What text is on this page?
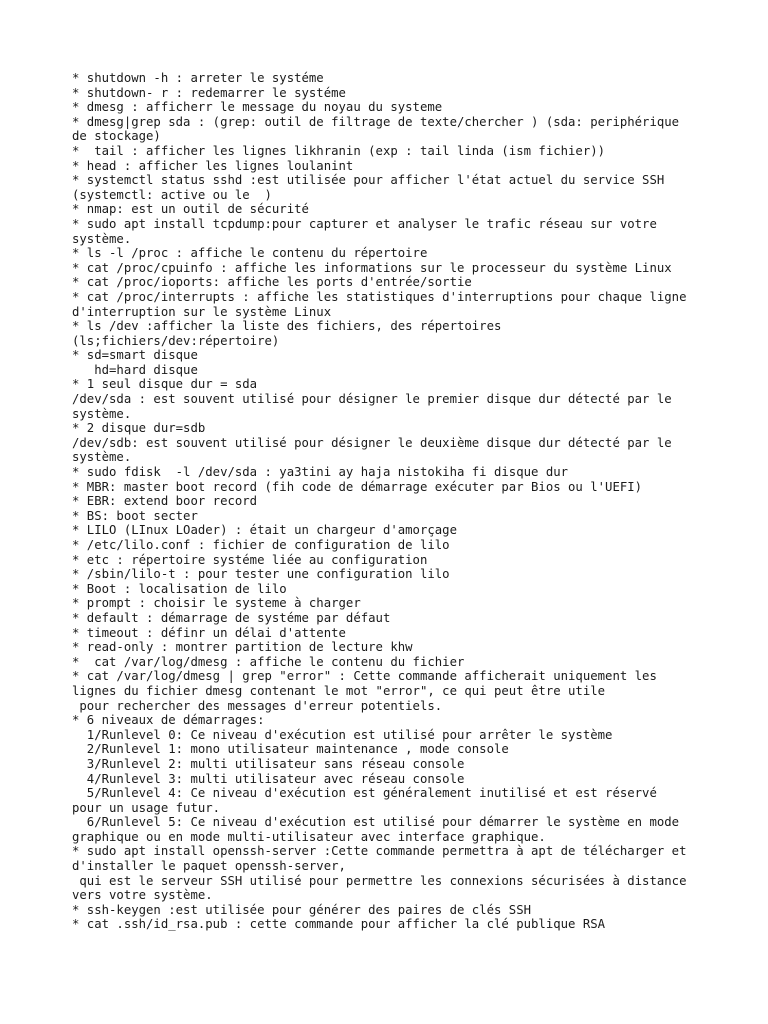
* shutdown -h : arreter le systéme
* shutdown- r : redemarrer le systéme
* dmesg : afficherr le message du noyau du systeme
* dmesg|grep sda : (grep: outil de filtrage de texte/chercher ) (sda: periphérique
de stockage)
*  tail : afficher les lignes likhranin (exp : tail linda (ism fichier))
* head : afficher les lignes loulanint
* systemctl status sshd :est utilisée pour afficher l'état actuel du service SSH
(systemctl: active ou le  )
* nmap: est un outil de sécurité
* sudo apt install tcpdump:pour capturer et analyser le trafic réseau sur votre
système.
* ls -l /proc : affiche le contenu du répertoire
* cat /proc/cpuinfo : affiche les informations sur le processeur du système Linux
* cat /proc/ioports: affiche les ports d'entrée/sortie
* cat /proc/interrupts : affiche les statistiques d'interruptions pour chaque ligne
d'interruption sur le système Linux
* ls /dev :afficher la liste des fichiers, des répertoires
(ls;fichiers/dev:répertoire)
* sd=smart disque
hd=hard disque
* 1 seul disque dur = sda
/dev/sda : est souvent utilisé pour désigner le premier disque dur détecté par le
système.
* 2 disque dur=sdb
/dev/sdb: est souvent utilisé pour désigner le deuxième disque dur détecté par le
système.
* sudo fdisk  -l /dev/sda : ya3tini ay haja nistokiha fi disque dur
* MBR: master boot record (fih code de démarrage exécuter par Bios ou l'UEFI)
* EBR: extend boor record
* BS: boot secter
* LILO (LInux LOader) : était un chargeur d'amorçage
* /etc/lilo.conf : fichier de configuration de lilo
* etc : répertoire systéme liée au configuration
* /sbin/lilo-t : pour tester une configuration lilo
* Boot : localisation de lilo
* prompt : choisir le systeme à charger
* default : démarrage de systéme par défaut
* timeout : définr un délai d'attente
* read-only : montrer partition de lecture khw
*  cat /var/log/dmesg : affiche le contenu du fichier
* cat /var/log/dmesg | grep "error" : Cette commande afficherait uniquement les
lignes du fichier dmesg contenant le mot "error", ce qui peut être utile
pour rechercher des messages d'erreur potentiels.
* 6 niveaux de démarrages:
1/Runlevel 0: Ce niveau d'exécution est utilisé pour arrêter le système
2/Runlevel 1: mono utilisateur maintenance , mode console
3/Runlevel 2: multi utilisateur sans réseau console
4/Runlevel 3: multi utilisateur avec réseau console
5/Runlevel 4: Ce niveau d'exécution est généralement inutilisé et est réservé
pour un usage futur.
6/Runlevel 5: Ce niveau d'exécution est utilisé pour démarrer le système en mode
graphique ou en mode multi-utilisateur avec interface graphique.
* sudo apt install openssh-server :Cette commande permettra à apt de télécharger et
d'installer le paquet openssh-server,
qui est le serveur SSH utilisé pour permettre les connexions sécurisées à distance
vers votre système.
* ssh-keygen :est utilisée pour générer des paires de clés SSH
* cat .ssh/id_rsa.pub : cette commande pour afficher la clé publique RSA
